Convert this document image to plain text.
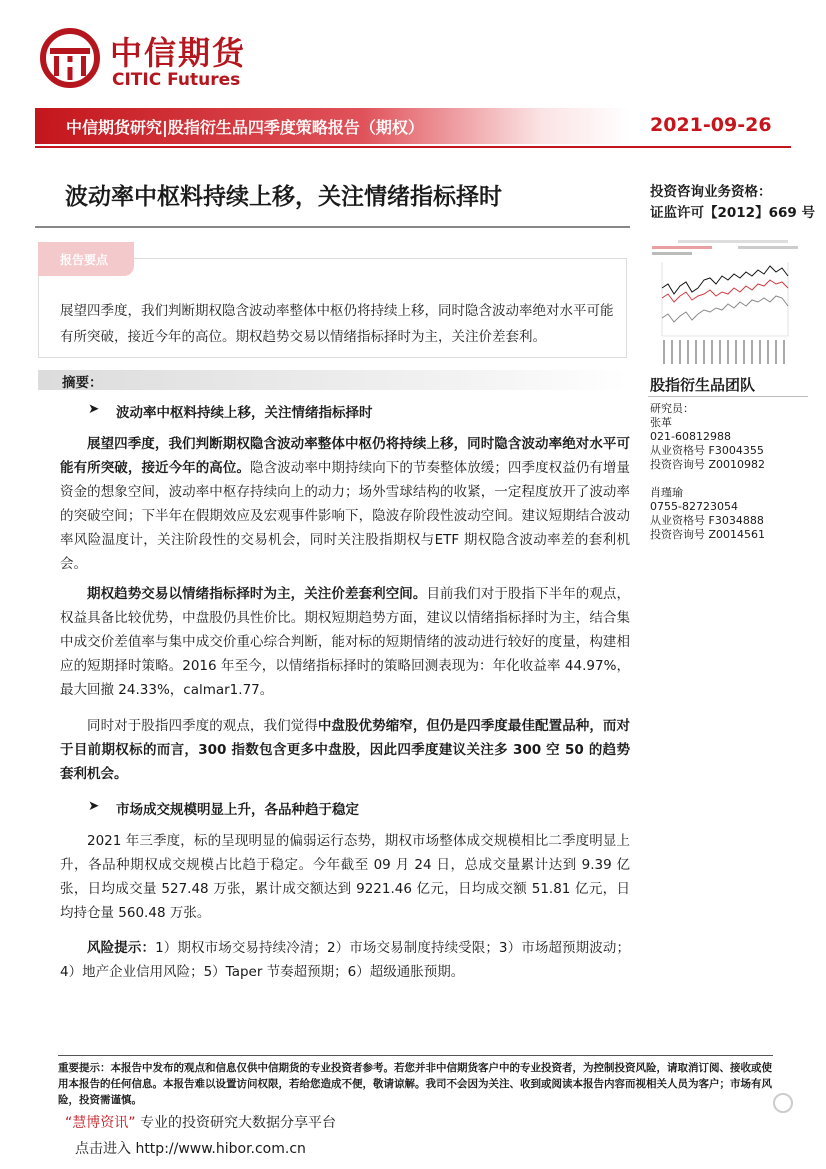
中信期货
CITIC Futures
中信期货研究|股指衍生品四季度策略报告（期权）	2021-09-26
波动率中枢料持续上移，关注情绪指标择时	投资咨询业务资格：
证监许可【2012】669 号
报告要点
展望四季度，我们判断期权隐含波动率整体中枢仍将持续上移，同时隐含波动率绝对水平可能有所突破，接近今年的高位。期权趋势交易以情绪指标择时为主，关注价差套利。
摘要：	股指衍生品团队
研究员：
张革
021-60812988
从业资格号 F3004355
投资咨询号 Z0010982
肖瑾瑜
0755-82723054
从业资格号 F3034888
投资咨询号 Z0014561
➤ 波动率中枢料持续上移，关注情绪指标择时
展望四季度，我们判断期权隐含波动率整体中枢仍将持续上移，同时隐含波动率绝对水平可能有所突破，接近今年的高位。隐含波动率中期持续向下的节奏整体放缓；四季度权益仍有增量资金的想象空间，波动率中枢存持续向上的动力；场外雪球结构的收紧，一定程度放开了波动率的突破空间；下半年在假期效应及宏观事件影响下，隐波存阶段性波动空间。建议短期结合波动率风险温度计，关注阶段性的交易机会，同时关注股指期权与ETF 期权隐含波动率差的套利机会。
期权趋势交易以情绪指标择时为主，关注价差套利空间。目前我们对于股指下半年的观点，权益具备比较优势，中盘股仍具性价比。期权短期趋势方面，建议以情绪指标择时为主，结合集中成交价差值率与集中成交价重心综合判断，能对标的短期情绪的波动进行较好的度量，构建相应的短期择时策略。2016 年至今，以情绪指标择时的策略回测表现为：年化收益率 44.97%，最大回撤 24.33%，calmar1.77。
同时对于股指四季度的观点，我们觉得中盘股优势缩窄，但仍是四季度最佳配置品种，而对于目前期权标的而言，300 指数包含更多中盘股，因此四季度建议关注多 300 空 50 的趋势套利机会。
➤ 市场成交规模明显上升，各品种趋于稳定
2021 年三季度，标的呈现明显的偏弱运行态势，期权市场整体成交规模相比二季度明显上升，各品种期权成交规模占比趋于稳定。今年截至 09 月 24 日，总成交量累计达到 9.39 亿张，日均成交量 527.48 万张，累计成交额达到 9221.46 亿元，日均成交额 51.81 亿元，日均持仓量 560.48 万张。
风险提示：1）期权市场交易持续冷清；2）市场交易制度持续受限；3）市场超预期波动；4）地产企业信用风险；5）Taper 节奏超预期；6）超级通胀预期。
重要提示：本报告中发布的观点和信息仅供中信期货的专业投资者参考。若您并非中信期货客户中的专业投资者，为控制投资风险，请取消订阅、接收或使用本报告的任何信息。本报告难以设置访问权限，若给您造成不便，敬请谅解。我司不会因为关注、收到或阅读本报告内容而视相关人员为客户；市场有风险，投资需谨慎。
“慧博资讯” 专业的投资研究大数据分享平台
点击进入 http://www.hibor.com.cn
